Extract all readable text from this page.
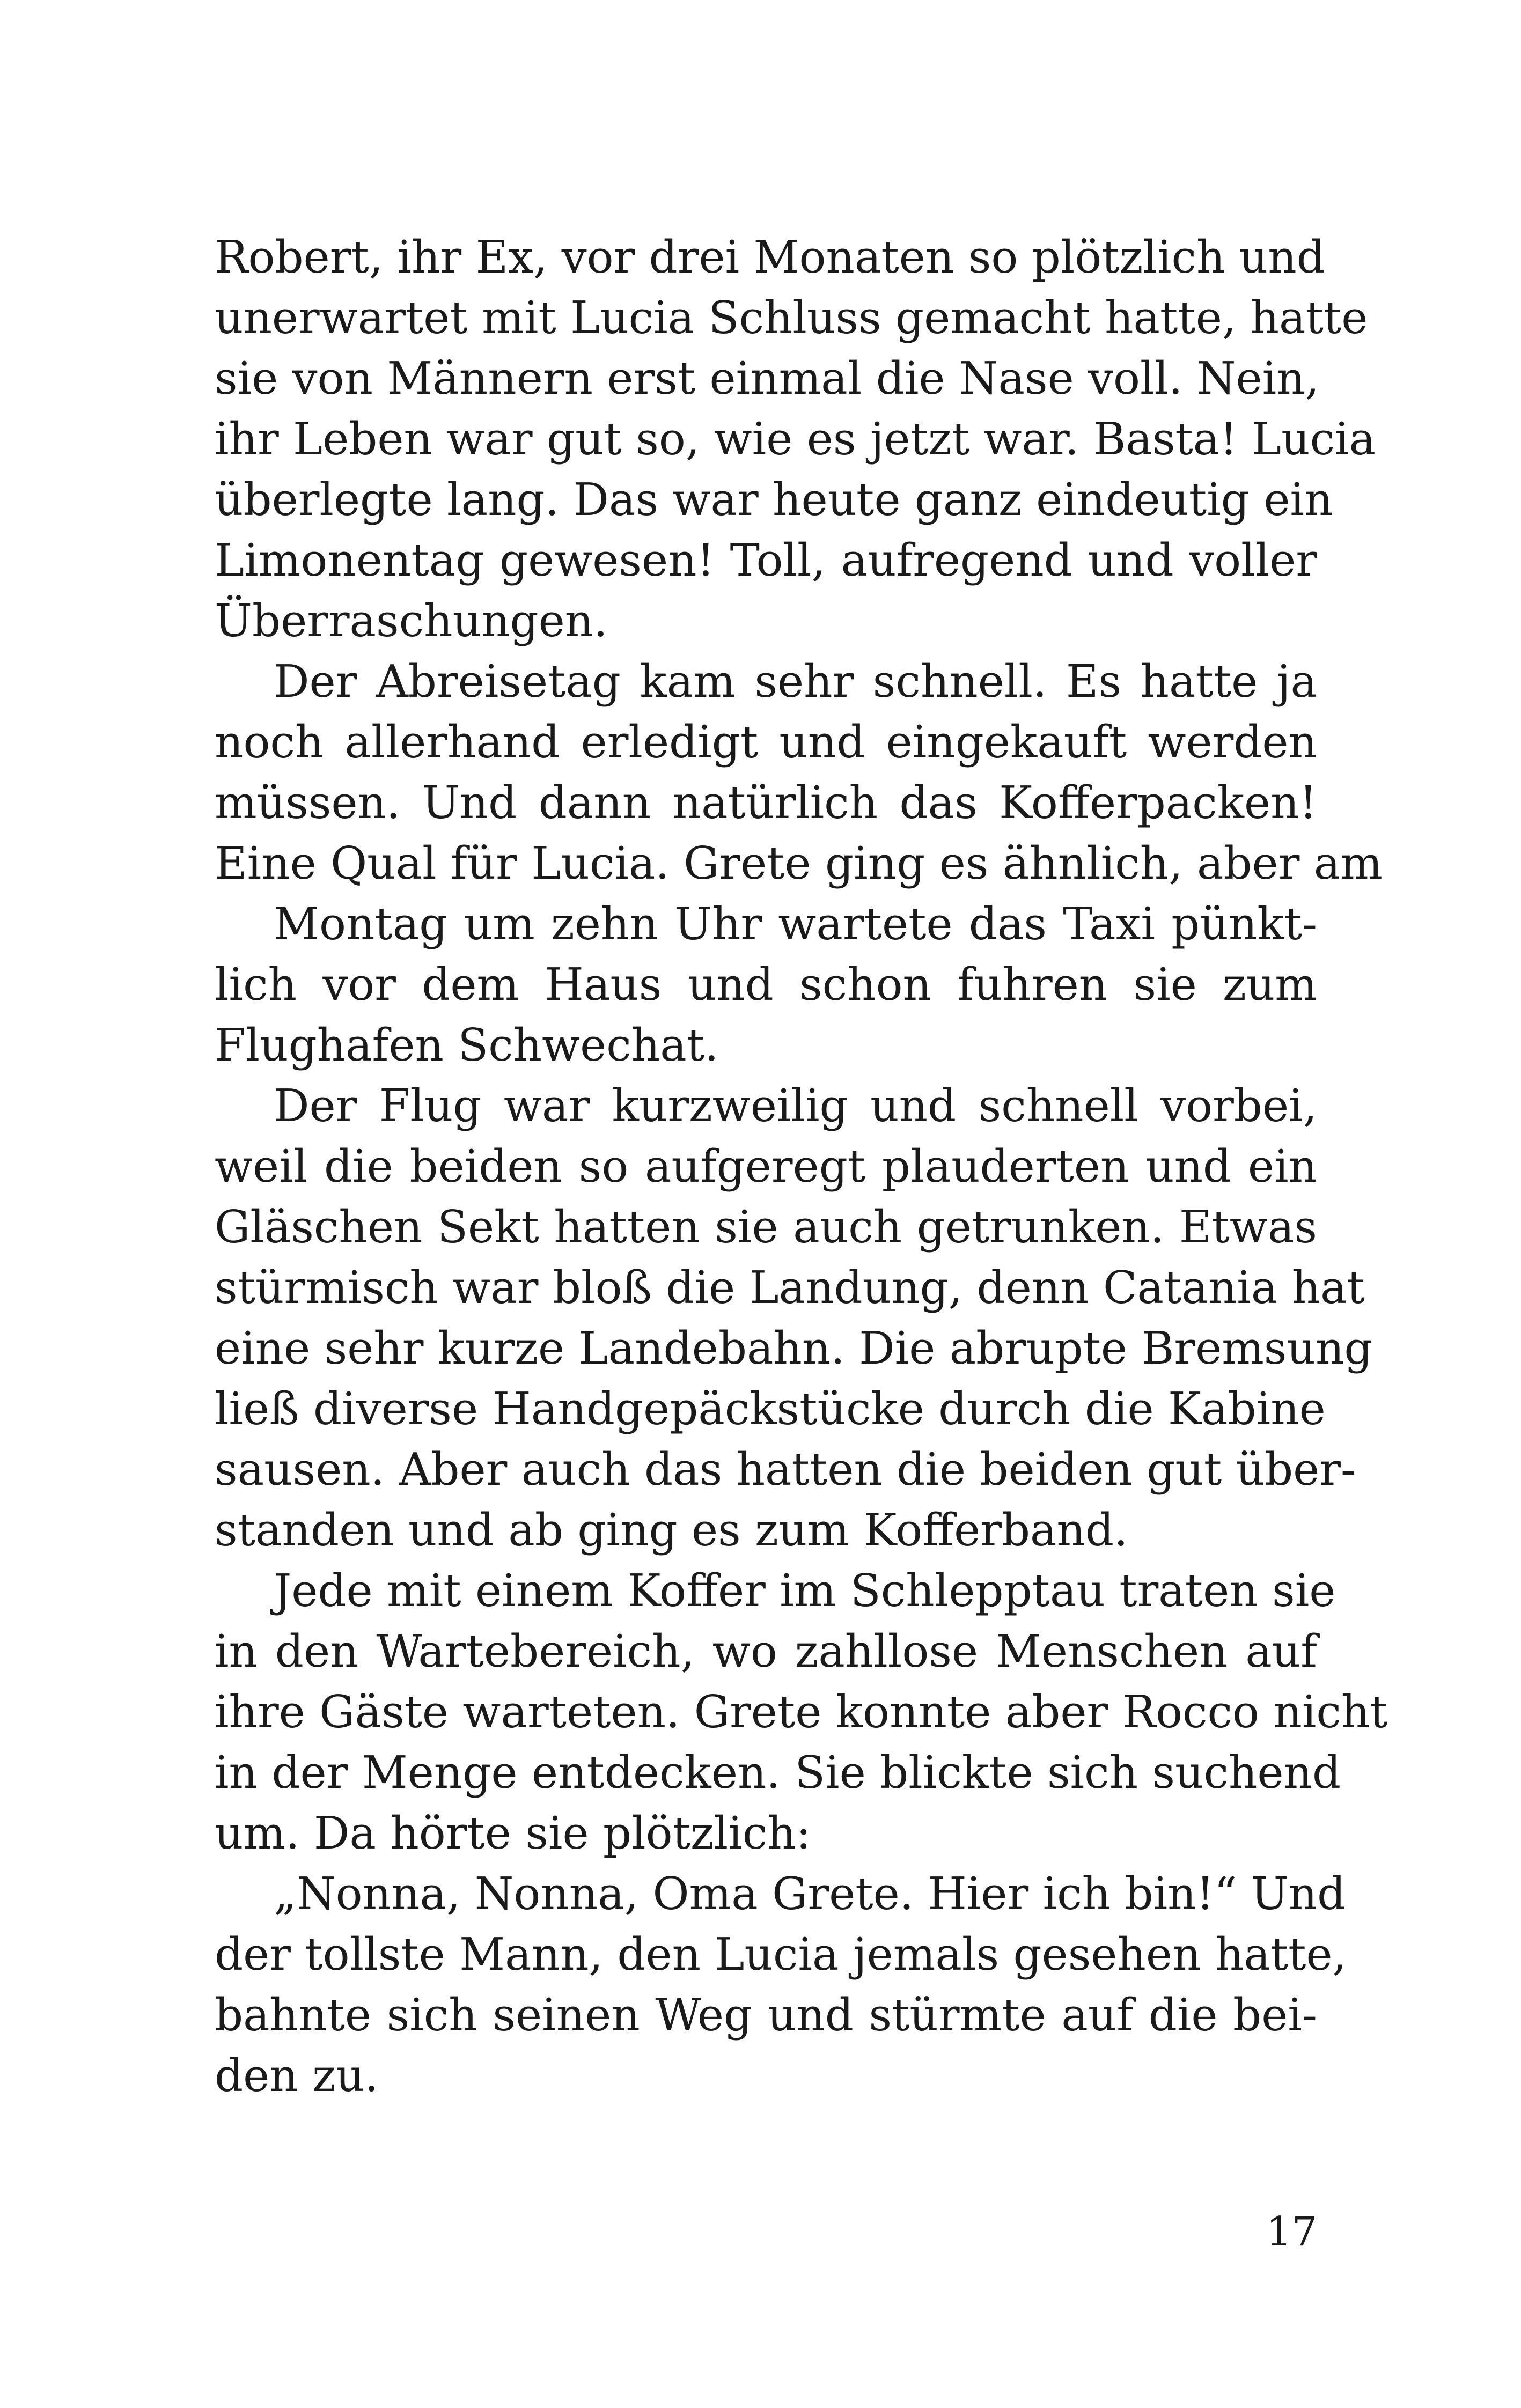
Robert, ihr Ex, vor drei Monaten so plötzlich und
unerwartet mit Lucia Schluss gemacht hatte, hatte
sie von Männern erst einmal die Nase voll. Nein,
ihr Leben war gut so, wie es jetzt war. Basta! Lucia
überlegte lang. Das war heute ganz eindeutig ein
Limonentag gewesen! Toll, aufregend und voller
Überraschungen.
Der Abreisetag kam sehr schnell. Es hatte ja
noch allerhand erledigt und eingekauft werden
müssen. Und dann natürlich das Kofferpacken!
Eine Qual für Lucia. Grete ging es ähnlich, aber am
Montag um zehn Uhr wartete das Taxi pünkt-
lich vor dem Haus und schon fuhren sie zum
Flughafen Schwechat.
Der Flug war kurzweilig und schnell vorbei,
weil die beiden so aufgeregt plauderten und ein
Gläschen Sekt hatten sie auch getrunken. Etwas
stürmisch war bloß die Landung, denn Catania hat
eine sehr kurze Landebahn. Die abrupte Bremsung
ließ diverse Handgepäckstücke durch die Kabine
sausen. Aber auch das hatten die beiden gut über-
standen und ab ging es zum Kofferband.
Jede mit einem Koffer im Schlepptau traten sie
in den Wartebereich, wo zahllose Menschen auf
ihre Gäste warteten. Grete konnte aber Rocco nicht
in der Menge entdecken. Sie blickte sich suchend
um. Da hörte sie plötzlich:
„Nonna, Nonna, Oma Grete. Hier ich bin!“ Und
der tollste Mann, den Lucia jemals gesehen hatte,
bahnte sich seinen Weg und stürmte auf die bei-
den zu.
17
